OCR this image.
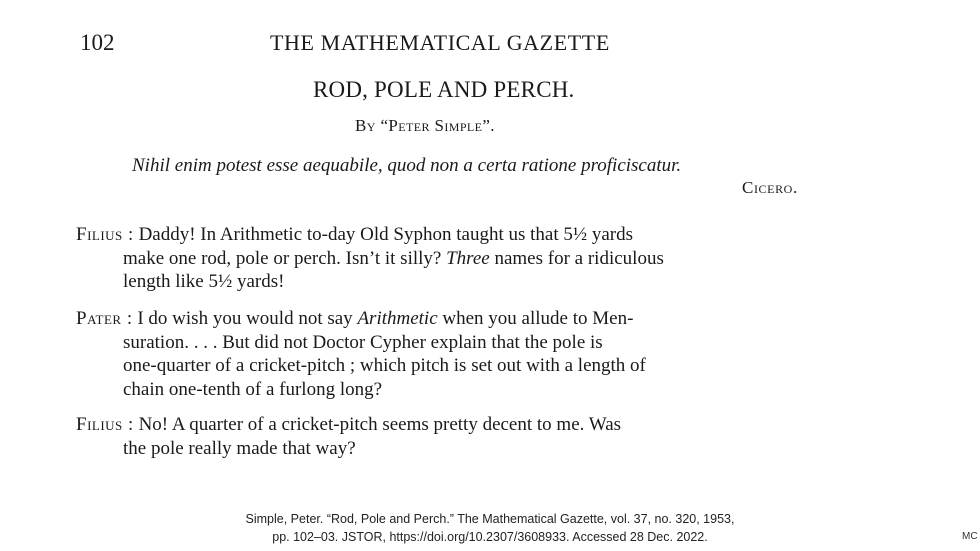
102	THE MATHEMATICAL GAZETTE
ROD, POLE AND PERCH.
By “Peter Simple”.
Nihil enim potest esse aequabile, quod non a certa ratione proficiscatur.
Cicero.
Filius : Daddy! In Arithmetic to-day Old Syphon taught us that 5½ yards
make one rod, pole or perch. Isn’t it silly? Three names for a ridiculous
length like 5½ yards!
Pater : I do wish you would not say Arithmetic when you allude to Men-
suration. . . . But did not Doctor Cypher explain that the pole is
one-quarter of a cricket-pitch ; which pitch is set out with a length of
chain one-tenth of a furlong long?
Filius : No! A quarter of a cricket-pitch seems pretty decent to me. Was
the pole really made that way?
Simple, Peter. “Rod, Pole and Perch.” The Mathematical Gazette, vol. 37, no. 320, 1953,
pp. 102–03. JSTOR, https://doi.org/10.2307/3608933. Accessed 28 Dec. 2022.	MC
